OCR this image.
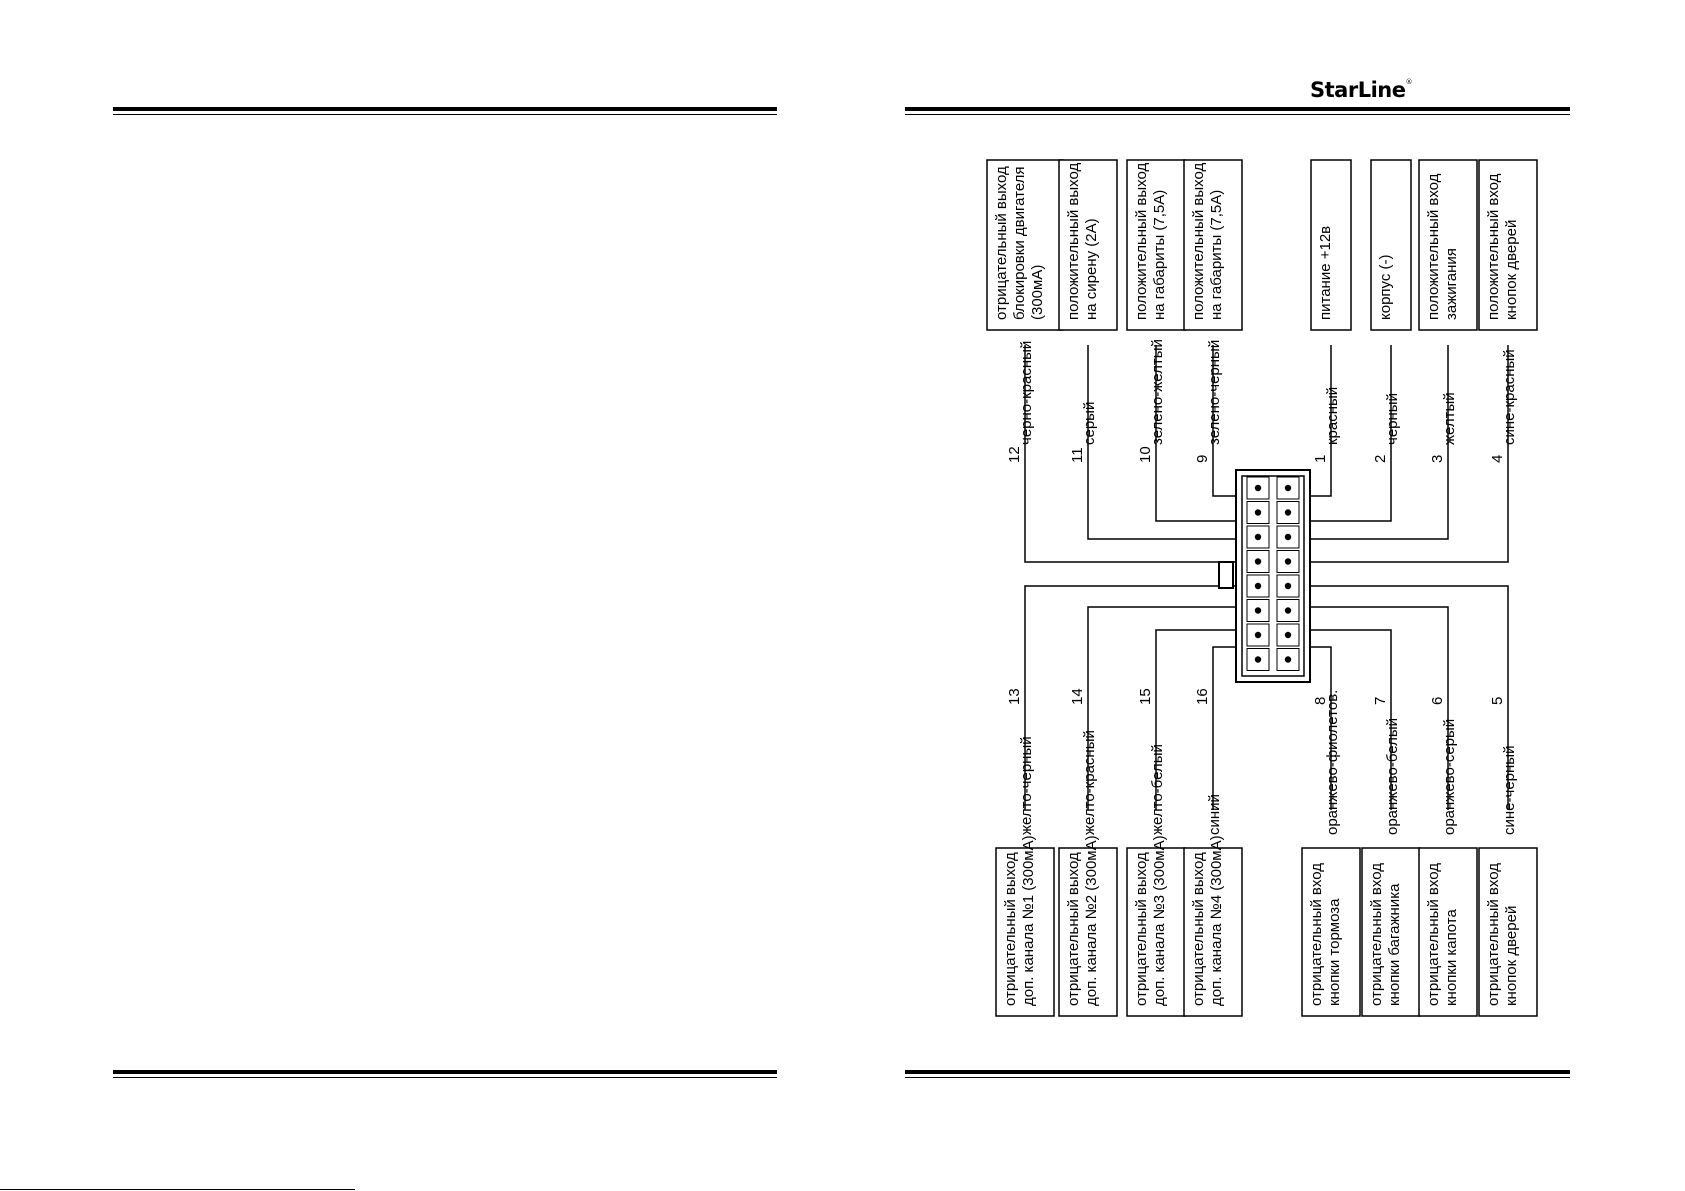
StarLine®
12
черно-красный
отрицательный выход блокировки двигателя (300мА)
11
серый
положительный выход на сирену (2А)
10
зелено-желтый
положительный выход на габариты (7,5А)
9
зелено-черный
положительный выход на габариты (7,5А)
1
красный
питание +12в
2
черный
корпус (-)
3
желтый
положительный вход зажигания
4
сине-красный
положительный вход кнопок дверей
13
желто-черный
отрицательный выход доп. канала №1 (300мА)
14
желто-красный
отрицательный выход доп. канала №2 (300мА)
15
желто-белый
отрицательный выход доп. канала №3 (300мА)
16
синий
отрицательный выход доп. канала №4 (300мА)
8
оранжево-фиолетов.
отрицательный вход кнопки тормоза
7
оранжево-белый
отрицательный вход кнопки багажника
6
оранжево-серый
отрицательный вход кнопки капота
5
сине-черный
отрицательный вход кнопок дверей
